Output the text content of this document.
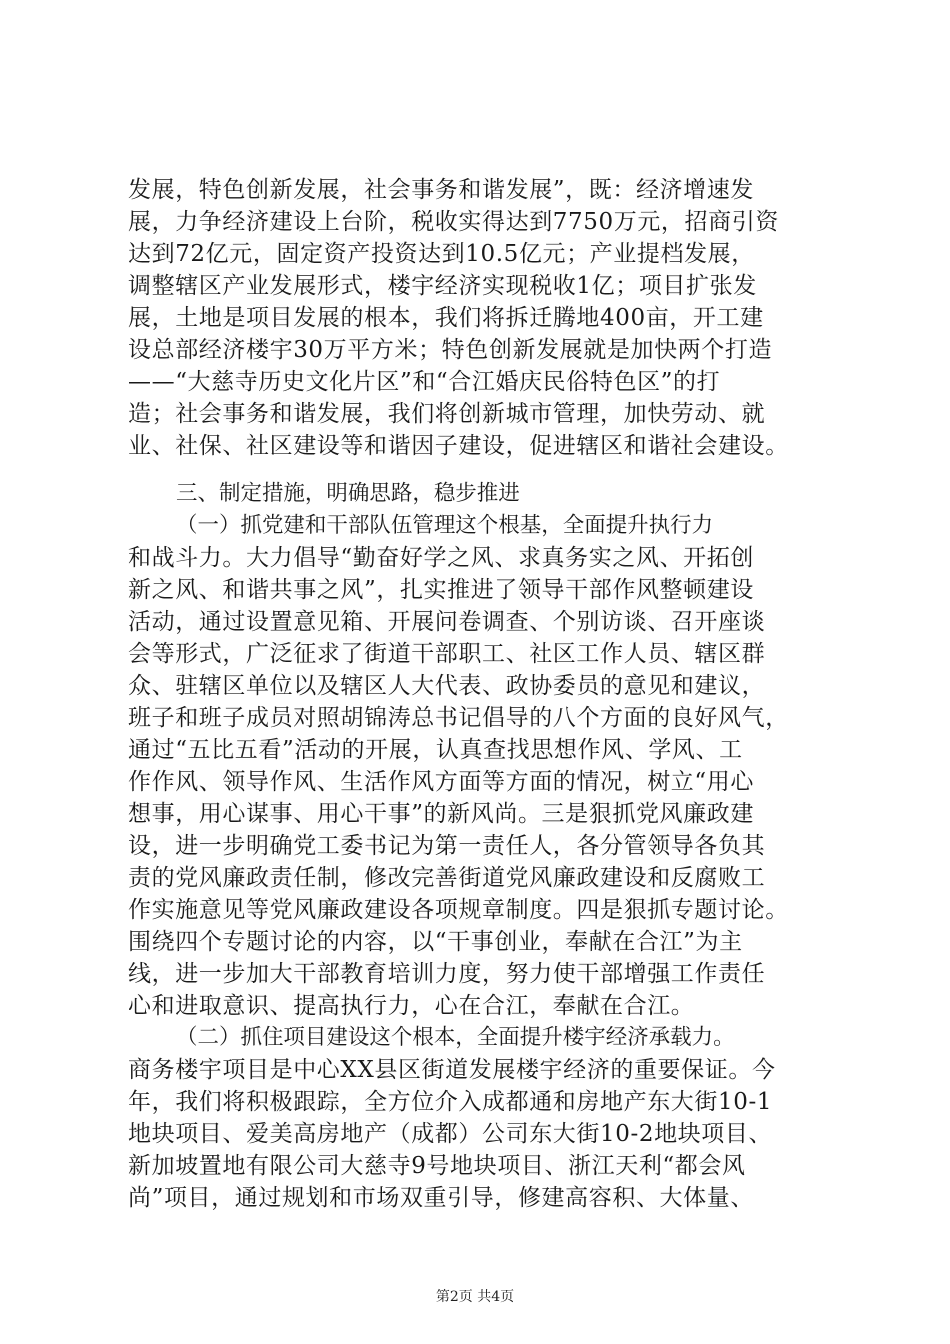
发展，特色创新发展，社会事务和谐发展”，既：经济增速发
展，力争经济建设上台阶，税收实得达到7750万元，招商引资
达到72亿元，固定资产投资达到10.5亿元；产业提档发展，
调整辖区产业发展形式，楼宇经济实现税收1亿；项目扩张发
展，土地是项目发展的根本，我们将拆迁腾地400亩，开工建
设总部经济楼宇30万平方米；特色创新发展就是加快两个打造
——“大慈寺历史文化片区”和“合江婚庆民俗特色区”的打
造；社会事务和谐发展，我们将创新城市管理，加快劳动、就
业、社保、社区建设等和谐因子建设，促进辖区和谐社会建设。
三、制定措施，明确思路，稳步推进
（一）抓党建和干部队伍管理这个根基，全面提升执行力
和战斗力。大力倡导“勤奋好学之风、求真务实之风、开拓创
新之风、和谐共事之风”，扎实推进了领导干部作风整顿建设
活动，通过设置意见箱、开展问卷调查、个别访谈、召开座谈
会等形式，广泛征求了街道干部职工、社区工作人员、辖区群
众、驻辖区单位以及辖区人大代表、政协委员的意见和建议，
班子和班子成员对照胡锦涛总书记倡导的八个方面的良好风气，
通过“五比五看”活动的开展，认真查找思想作风、学风、工
作作风、领导作风、生活作风方面等方面的情况，树立“用心
想事，用心谋事、用心干事”的新风尚。三是狠抓党风廉政建
设，进一步明确党工委书记为第一责任人，各分管领导各负其
责的党风廉政责任制，修改完善街道党风廉政建设和反腐败工
作实施意见等党风廉政建设各项规章制度。四是狠抓专题讨论。
围绕四个专题讨论的内容，以“干事创业，奉献在合江”为主
线，进一步加大干部教育培训力度，努力使干部增强工作责任
心和进取意识、提高执行力，心在合江，奉献在合江。
（二）抓住项目建设这个根本，全面提升楼宇经济承载力。
商务楼宇项目是中心XX县区街道发展楼宇经济的重要保证。今
年，我们将积极跟踪，全方位介入成都通和房地产东大街10-1
地块项目、爱美高房地产（成都）公司东大街10-2地块项目、
新加坡置地有限公司大慈寺9号地块项目、浙江天利“都会风
尚”项目，通过规划和市场双重引导，修建高容积、大体量、
第2页 共4页
